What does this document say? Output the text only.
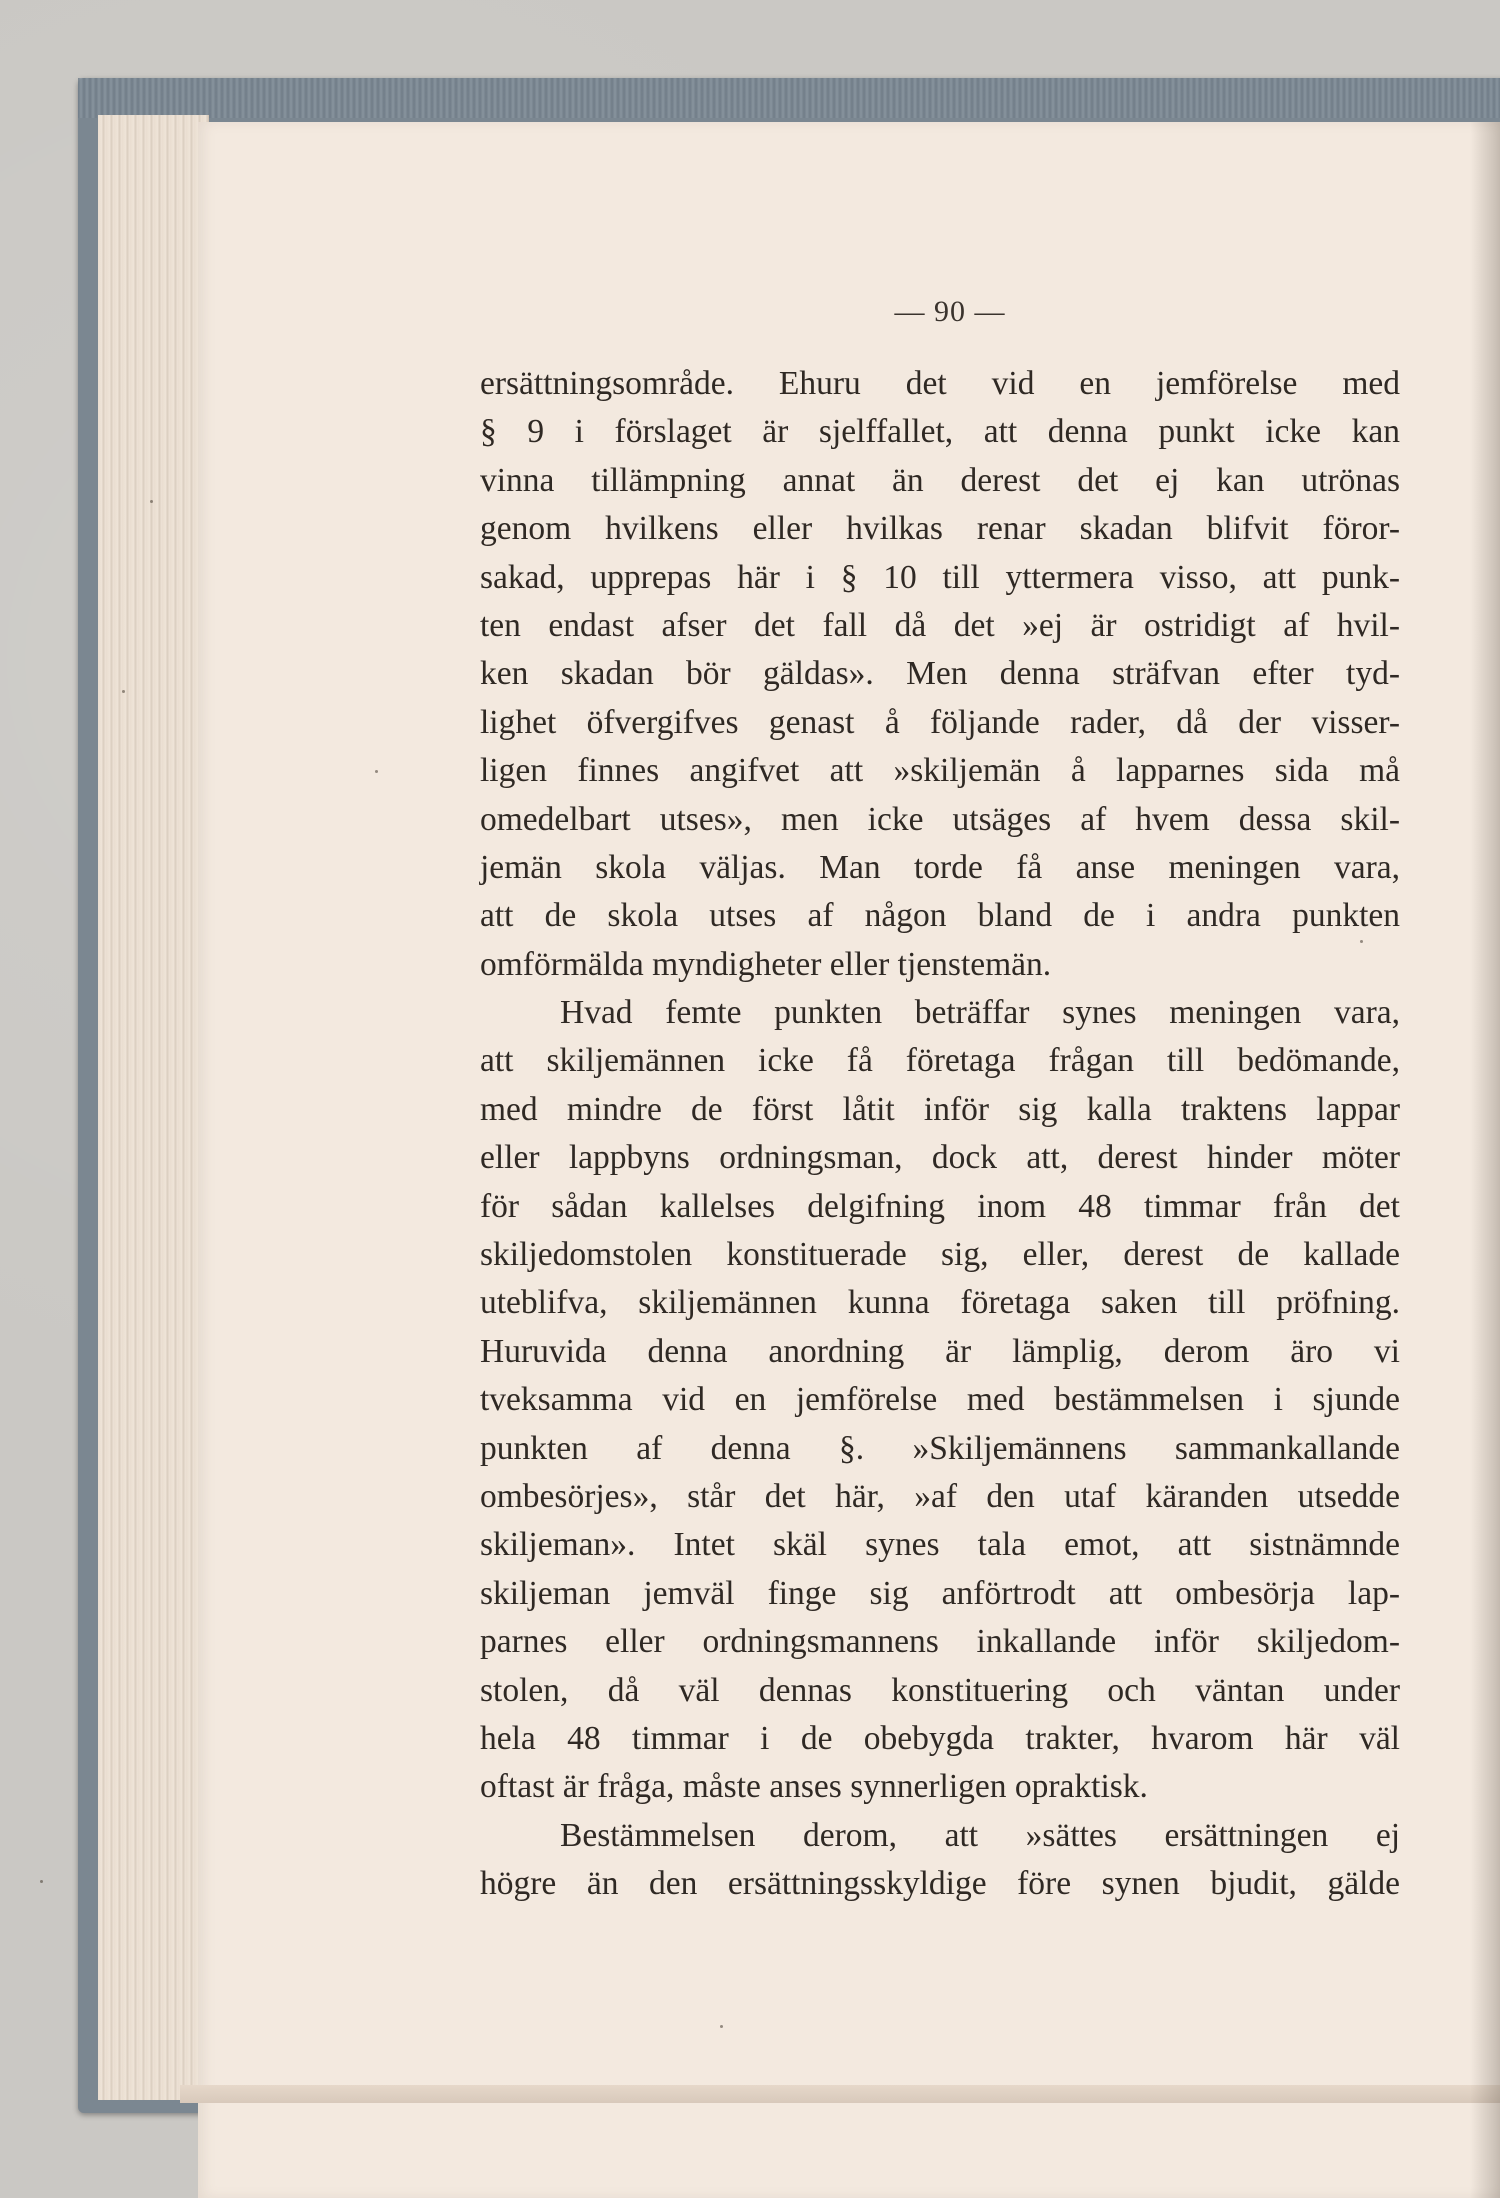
— 90 —
ersättningsområde. Ehuru det vid en jemförelse med
§ 9 i förslaget är sjelffallet, att denna punkt icke kan
vinna tillämpning annat än derest det ej kan utrönas
genom hvilkens eller hvilkas renar skadan blifvit föror-
sakad, upprepas här i § 10 till yttermera visso, att punk-
ten endast afser det fall då det »ej är ostridigt af hvil-
ken skadan bör gäldas». Men denna sträfvan efter tyd-
lighet öfvergifves genast å följande rader, då der visser-
ligen finnes angifvet att »skiljemän å lapparnes sida må
omedelbart utses», men icke utsäges af hvem dessa skil-
jemän skola väljas. Man torde få anse meningen vara,
att de skola utses af någon bland de i andra punkten
omförmälda myndigheter eller tjenstemän.
Hvad femte punkten beträffar synes meningen vara,
att skiljemännen icke få företaga frågan till bedömande,
med mindre de först låtit inför sig kalla traktens lappar
eller lappbyns ordningsman, dock att, derest hinder möter
för sådan kallelses delgifning inom 48 timmar från det
skiljedomstolen konstituerade sig, eller, derest de kallade
uteblifva, skiljemännen kunna företaga saken till pröfning.
Huruvida denna anordning är lämplig, derom äro vi
tveksamma vid en jemförelse med bestämmelsen i sjunde
punkten af denna §. »Skiljemännens sammankallande
ombesörjes», står det här, »af den utaf käranden utsedde
skiljeman». Intet skäl synes tala emot, att sistnämnde
skiljeman jemväl finge sig anförtrodt att ombesörja lap-
parnes eller ordningsmannens inkallande inför skiljedom-
stolen, då väl dennas konstituering och väntan under
hela 48 timmar i de obebygda trakter, hvarom här väl
oftast är fråga, måste anses synnerligen opraktisk.
Bestämmelsen derom, att »sättes ersättningen ej
högre än den ersättningsskyldige före synen bjudit, gälde
